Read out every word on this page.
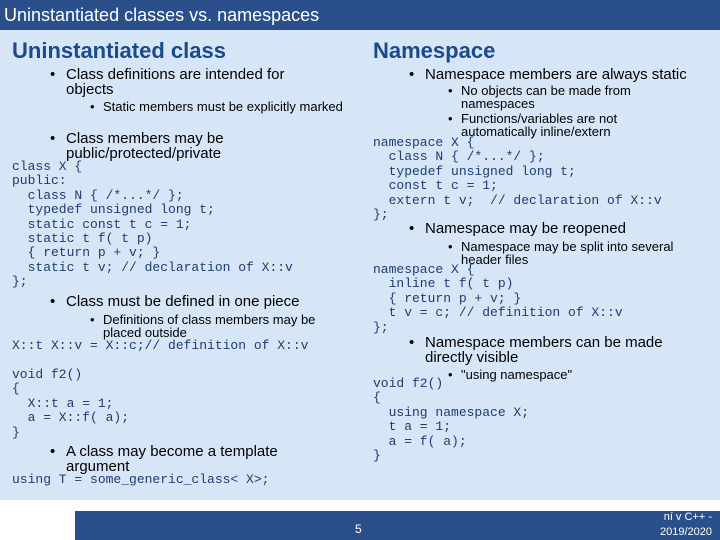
Uninstantiated classes vs. namespaces
Uninstantiated class
• Class definitions are intended for objects
• Static members must be explicitly marked
• Class members may be public/protected/private
class X {
public:
class N { /*...*/ };
typedef unsigned long t;
static const t c = 1;
static t f( t p)
{ return p + v; }
static t v; // declaration of X::v
};
• Class must be defined in one piece
• Definitions of class members may be placed outside
X::t X::v = X::c;// definition of X::v
void f2()
{
X::t a = 1;
a = X::f( a);
}
• A class may become a template argument
using T = some_generic_class< X>;
Namespace
• Namespace members are always static
• No objects can be made from namespaces
• Functions/variables are not automatically inline/extern
namespace X {
class N { /*...*/ };
typedef unsigned long t;
const t c = 1;
extern t v;  // declaration of X::v
};
• Namespace may be reopened
• Namespace may be split into several header files
namespace X {
inline t f( t p)
{ return p + v; }
t v = c; // definition of X::v
};
• Namespace members can be made directly visible
• "using namespace"
void f2()
{
using namespace X;
t a = 1;
a = f( a);
}
5
ní v C++ -
2019/2020
